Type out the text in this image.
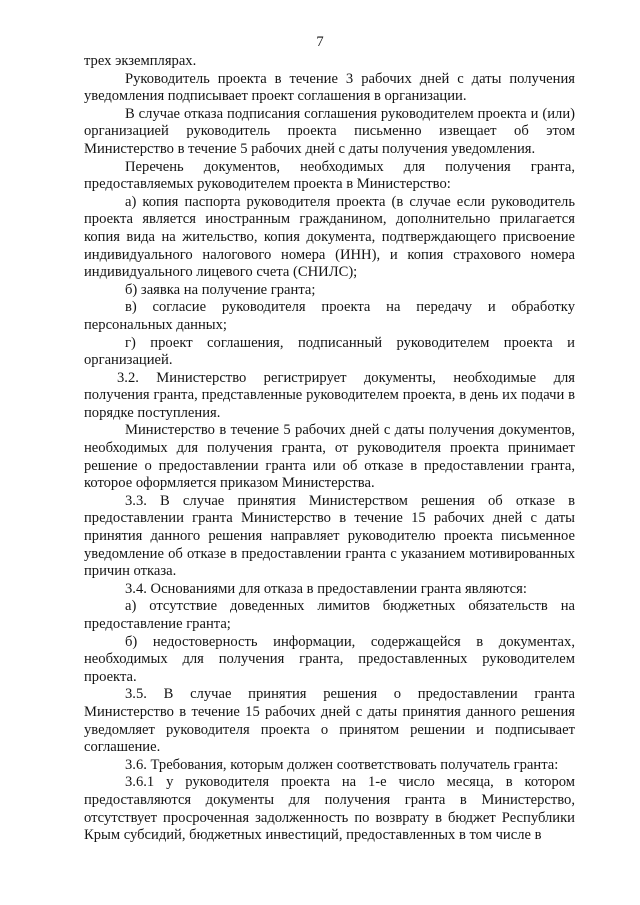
7

трех экземплярах.

Руководитель проекта в течение 3 рабочих дней с даты получения уведомления подписывает проект соглашения в организации.

В случае отказа подписания соглашения руководителем проекта и (или) организацией руководитель проекта письменно извещает об этом Министерство в течение 5 рабочих дней с даты получения уведомления.

Перечень документов, необходимых для получения гранта, предоставляемых руководителем проекта в Министерство:

а) копия паспорта руководителя проекта (в случае если руководитель проекта является иностранным гражданином, дополнительно прилагается копия вида на жительство, копия документа, подтверждающего присвоение индивидуального налогового номера (ИНН), и копия страхового номера индивидуального лицевого счета (СНИЛС);

б) заявка на получение гранта;

в) согласие руководителя проекта на передачу и обработку персональных данных;

г) проект соглашения, подписанный руководителем проекта и организацией.

3.2. Министерство регистрирует документы, необходимые для получения гранта, представленные руководителем проекта, в день их подачи в порядке поступления.

Министерство в течение 5 рабочих дней с даты получения документов, необходимых для получения гранта, от руководителя проекта принимает решение о предоставлении гранта или об отказе в предоставлении гранта, которое оформляется приказом Министерства.

3.3. В случае принятия Министерством решения об отказе в предоставлении гранта Министерство в течение 15 рабочих дней с даты принятия данного решения направляет руководителю проекта письменное уведомление об отказе в предоставлении гранта с указанием мотивированных причин отказа.

3.4. Основаниями для отказа в предоставлении гранта являются:

а) отсутствие доведенных лимитов бюджетных обязательств на предоставление гранта;

б) недостоверность информации, содержащейся в документах, необходимых для получения гранта, предоставленных руководителем проекта.

3.5. В случае принятия решения о предоставлении гранта Министерство в течение 15 рабочих дней с даты принятия данного решения уведомляет руководителя проекта о принятом решении и подписывает соглашение.

3.6. Требования, которым должен соответствовать получатель гранта:

3.6.1 у руководителя проекта на 1-е число месяца, в котором предоставляются документы для получения гранта в Министерство, отсутствует просроченная задолженность по возврату в бюджет Республики Крым субсидий, бюджетных инвестиций, предоставленных в том числе в
